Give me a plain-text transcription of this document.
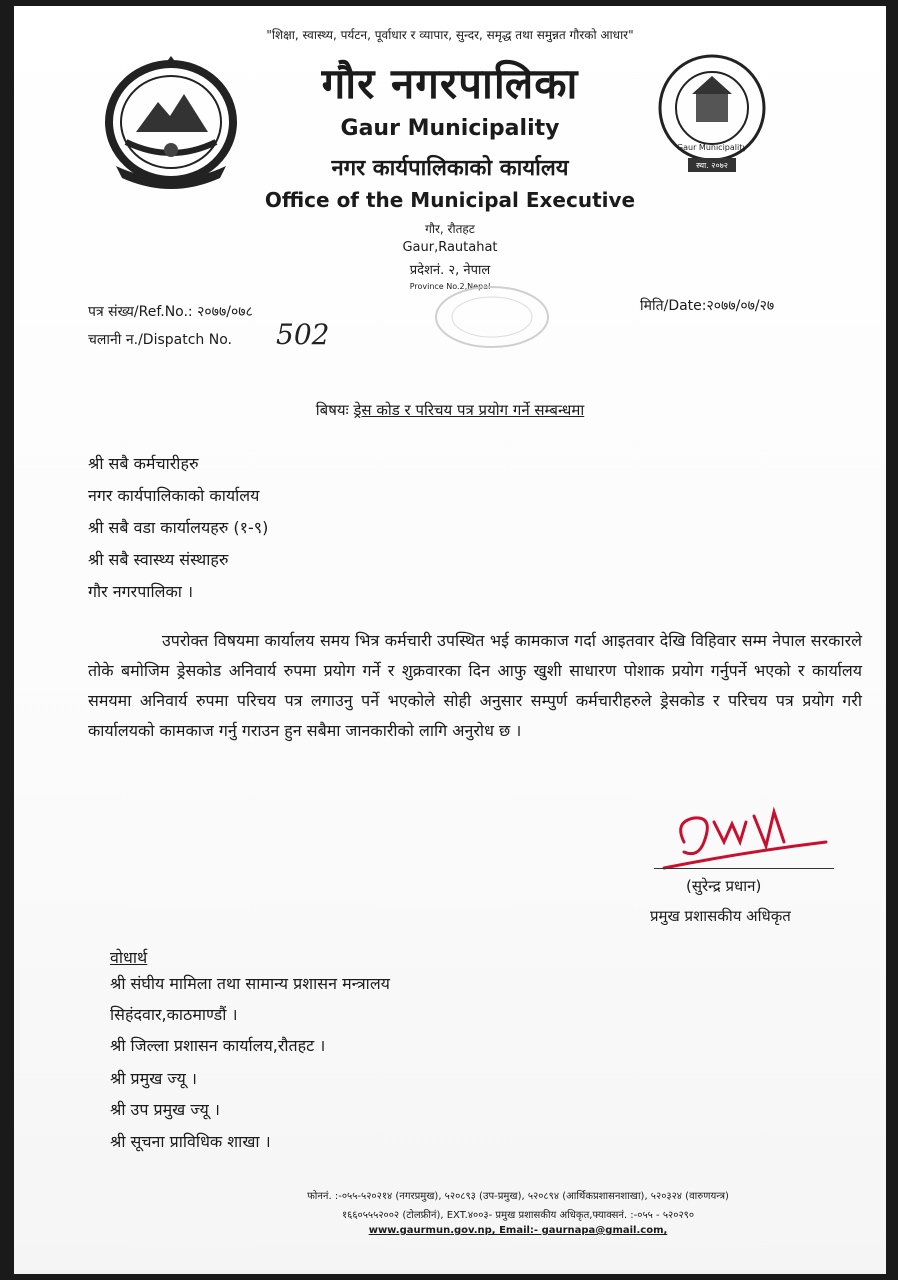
"शिक्षा, स्वास्थ्य, पर्यटन, पूर्वाधार र व्यापार, सुन्दर, समृद्ध तथा समुन्नत गौरको आधार"
Gaur Municipality
स्था. २०७२
गौर नगरपालिका
Gaur Municipality
नगर कार्यपालिकाको कार्यालय
Office of the Municipal Executive
गौर, रौतहट
Gaur,Rautahat
प्रदेशनं. २, नेपाल
Province No.2,Nepal
पत्र संख्य/Ref.No.: २०७७/०७८
चलानी न./Dispatch No. 502
मिति/Date:२०७७/०७/२७
बिषयः ड्रेस कोड र परिचय पत्र प्रयोग गर्ने सम्बन्धमा
श्री सबै कर्मचारीहरु
नगर कार्यपालिकाको कार्यालय
श्री सबै वडा कार्यालयहरु (१-९)
श्री सबै स्वास्थ्य संस्थाहरु
गौर नगरपालिका ।
उपरोक्त विषयमा कार्यालय समय भित्र कर्मचारी उपस्थित भई कामकाज गर्दा आइतवार देखि विहिवार सम्म नेपाल सरकारले तोके बमोजिम ड्रेसकोड अनिवार्य रुपमा प्रयोग गर्ने र शुक्रवारका दिन आफु खुशी साधारण पोशाक प्रयोग गर्नुपर्ने भएको र कार्यालय समयमा अनिवार्य रुपमा परिचय पत्र लगाउनु पर्ने भएकोले सोही अनुसार सम्पुर्ण कर्मचारीहरुले ड्रेसकोड र परिचय पत्र प्रयोग गरी कार्यालयको कामकाज गर्नु गराउन हुन सबैमा जानकारीको लागि अनुरोध छ ।
(सुरेन्द्र प्रधान)
प्रमुख प्रशासकीय अधिकृत
वोधार्थ
श्री संघीय मामिला तथा सामान्य प्रशासन मन्त्रालय
सिहंदवार,काठमाण्डौं ।
श्री जिल्ला प्रशासन कार्यालय,रौतहट ।
श्री प्रमुख ज्यू ।
श्री उप प्रमुख ज्यू ।
श्री सूचना प्राविधिक शाखा ।
फोननं. :-०५५-५२०२१४ (नगरप्रमुख), ५२०८९३ (उप-प्रमुख), ५२०८९४ (आर्थिकप्रशासनशाखा), ५२०३२४ (वारुणयन्त्र)
१६६०५५५२००२ (टोलफ्रीनं), EXT.४००३- प्रमुख प्रशासकीय अधिकृत,फ्याक्सनं. :-०५५ - ५२०२९०
www.gaurmun.gov.np, Email:- gaurnapa@gmail.com,
